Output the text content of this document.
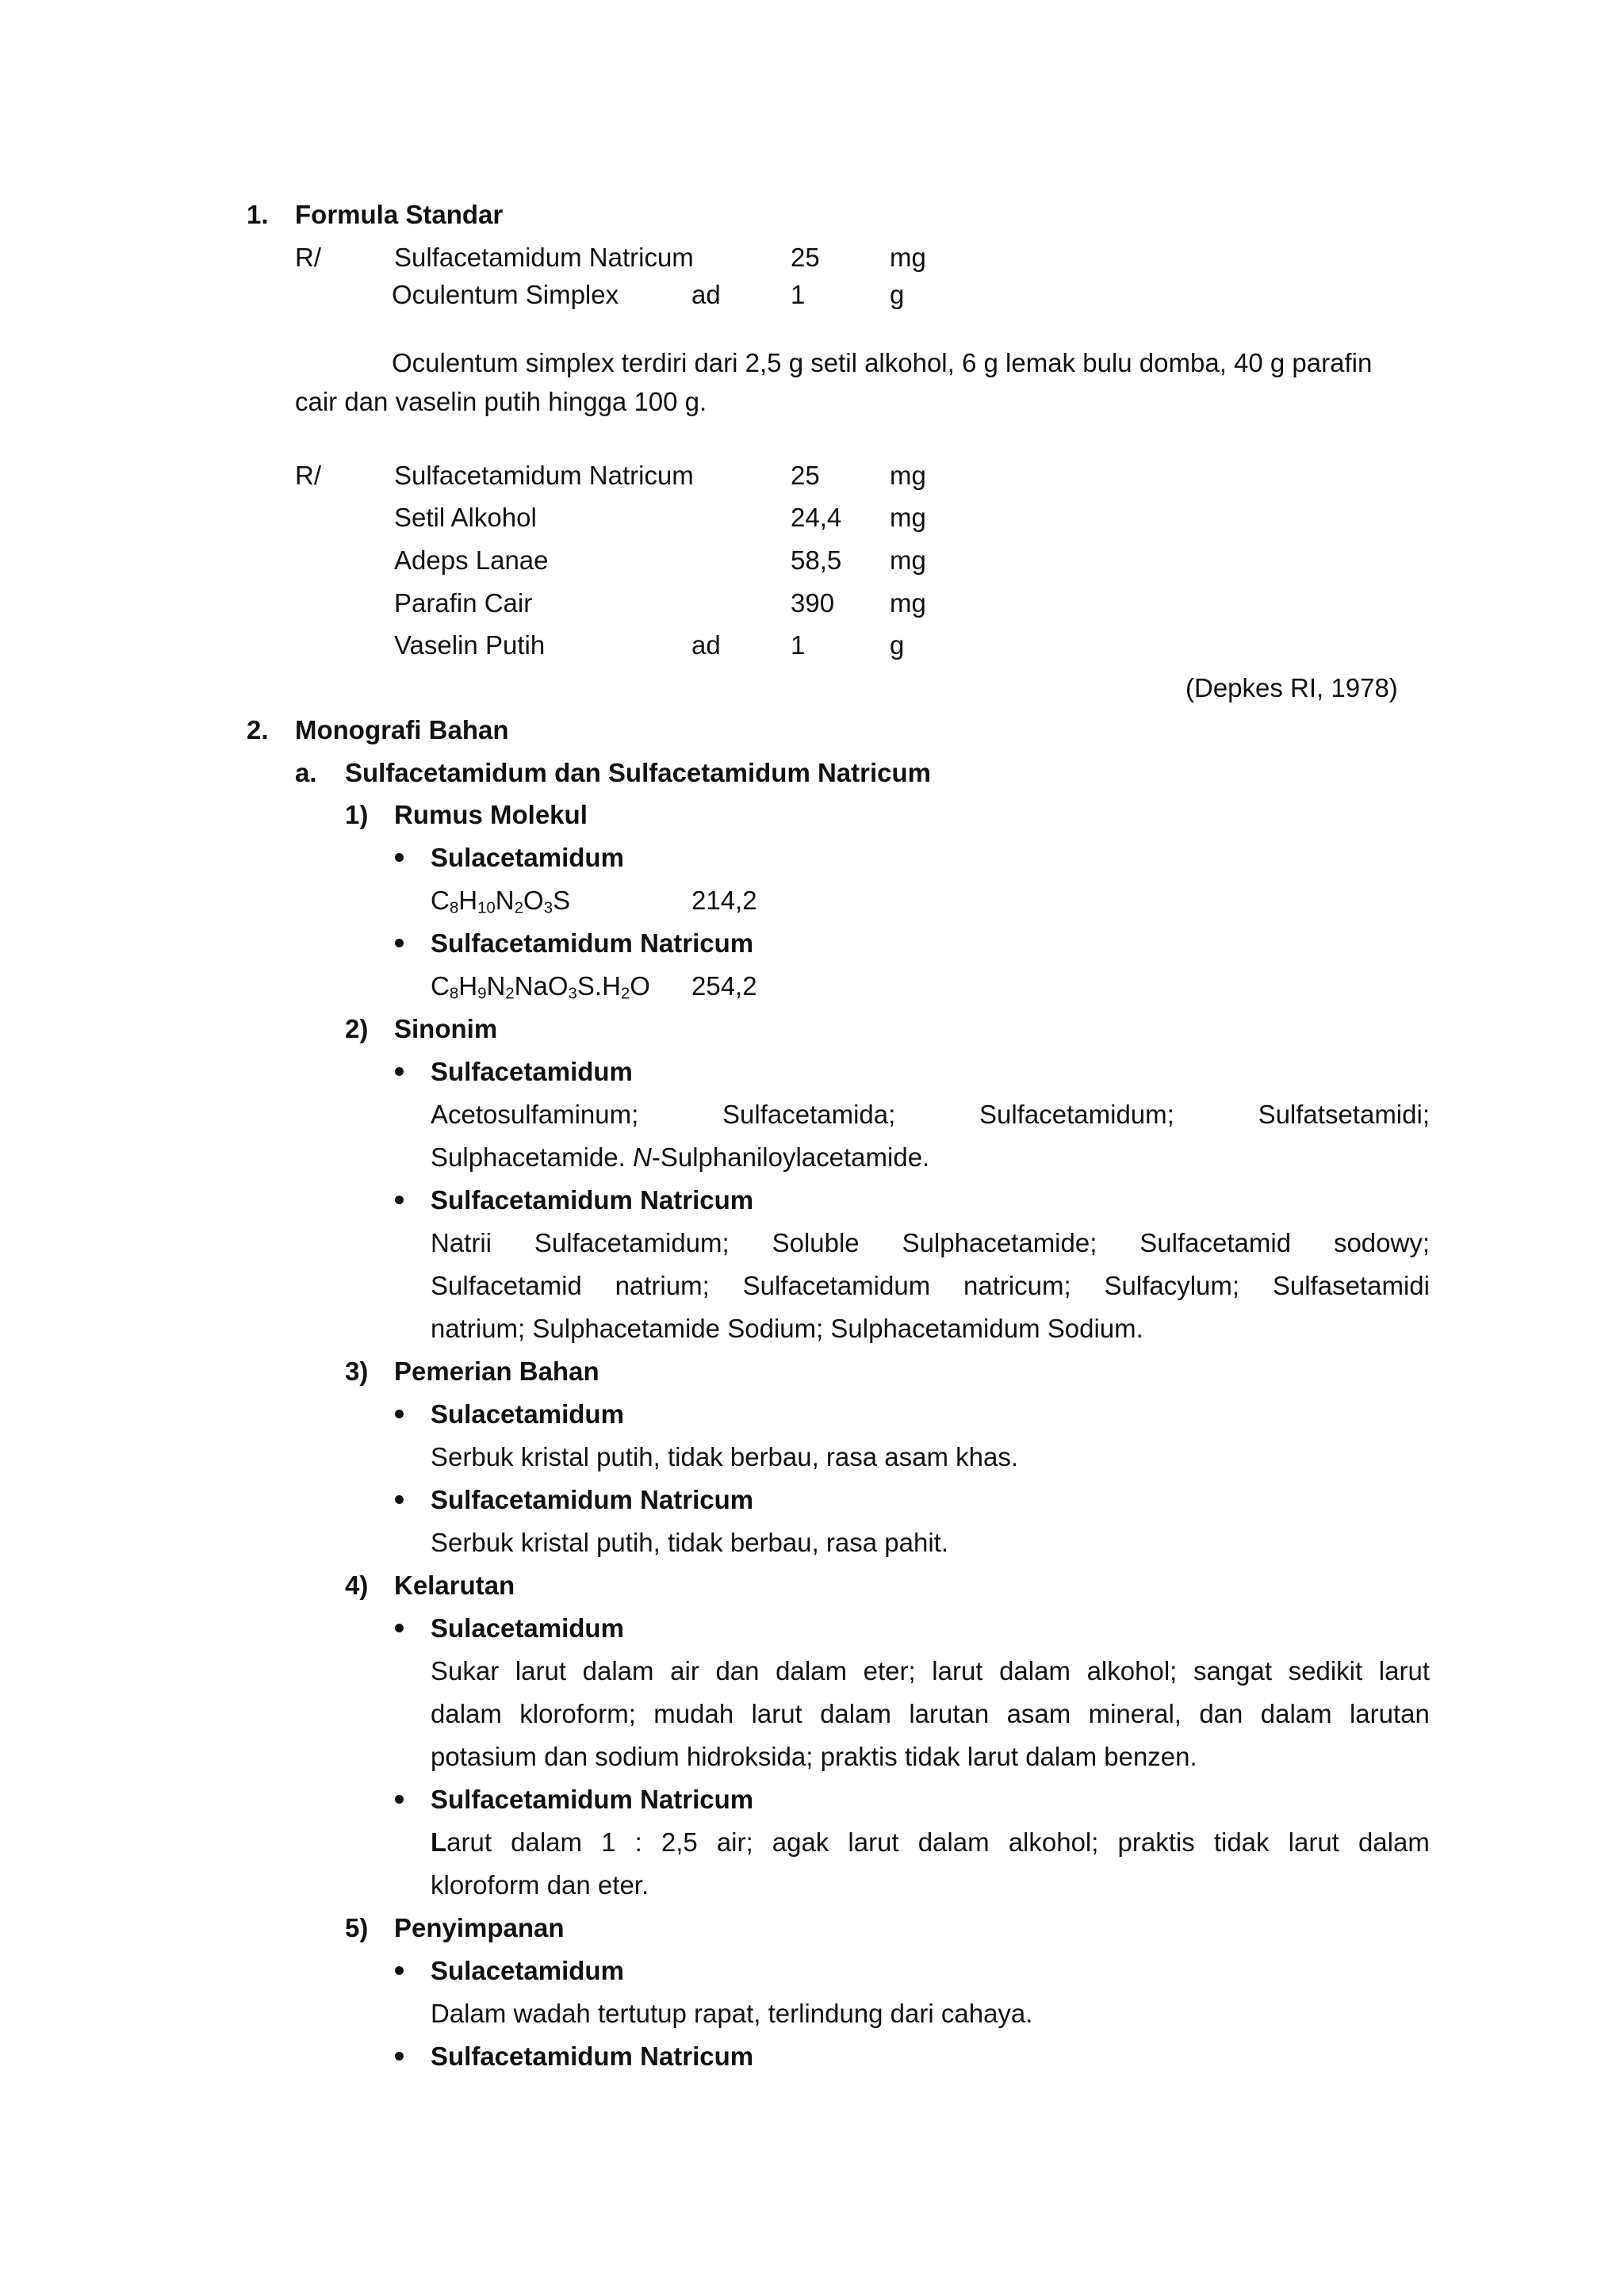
1. Formula Standar
R/	Sulfacetamidum Natricum	25	mg
Oculentum Simplex	ad	1	g
Oculentum simplex terdiri dari 2,5 g setil alkohol, 6 g lemak bulu domba, 40 g parafin
cair dan vaselin putih hingga 100 g.
R/	Sulfacetamidum Natricum	25	mg
Setil Alkohol	24,4 mg
Adeps Lanae	58,5 mg
Parafin Cair	390 mg
Vaselin Putih	ad	1	g
(Depkes RI, 1978)
2. Monografi Bahan
a. Sulfacetamidum dan Sulfacetamidum Natricum
1) Rumus Molekul
Sulacetamidum
$C_8H_{10}N_2O_3S$	214,2
Sulfacetamidum Natricum
$C_8H_9N_2NaO_3S.H_2O$ 254,2
2) Sinonim
Sulfacetamidum
Acetosulfaminum;	Sulfacetamida;	Sulfacetamidum;	Sulfatsetamidi;
Sulphacetamide. N-Sulphaniloylacetamide.
Sulfacetamidum Natricum
Natrii Sulfacetamidum; Soluble Sulphacetamide; Sulfacetamid sodowy;
Sulfacetamid natrium; Sulfacetamidum natricum; Sulfacylum; Sulfasetamidi
natrium; Sulphacetamide Sodium; Sulphacetamidum Sodium.
3) Pemerian Bahan
Sulacetamidum
Serbuk kristal putih, tidak berbau, rasa asam khas.
Sulfacetamidum Natricum
Serbuk kristal putih, tidak berbau, rasa pahit.
4) Kelarutan
Sulacetamidum
Sukar larut dalam air dan dalam eter; larut dalam alkohol; sangat sedikit larut
dalam kloroform; mudah larut dalam larutan asam mineral, dan dalam larutan
potasium dan sodium hidroksida; praktis tidak larut dalam benzen.
Sulfacetamidum Natricum
Larut dalam 1 : 2,5 air; agak larut dalam alkohol; praktis tidak larut dalam
kloroform dan eter.
5) Penyimpanan
Sulacetamidum
Dalam wadah tertutup rapat, terlindung dari cahaya.
Sulfacetamidum Natricum
